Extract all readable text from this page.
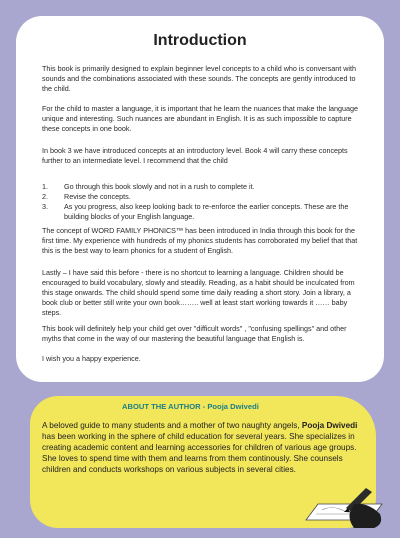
Introduction
This book is primarily designed to explain beginner level concepts to a child who is conversant with sounds and the combinations associated with these sounds. The concepts are gently introduced to the child.
For the child to master a language, it is important that he learn the nuances that make the language unique and interesting. Such nuances are abundant in English. It is as such impossible to capture these concepts in one book.
In book 3 we have introduced concepts at an introductory level. Book 4 will carry these concepts further to an intermediate level. I recommend that the child
1.	Go through this book slowly and not in a rush to complete it.
2.	Revise the concepts.
3.	As you progress, also keep looking back to re-enforce the earlier concepts. These are the building blocks of your English language.
The concept of WORD FAMILY PHONICS™ has been introduced in India through this book for the first time. My experience with hundreds of my phonics students has corroborated my belief that that this is the best way to learn phonics for a student of English.
Lastly – I have said this before - there is no shortcut to learning a language. Children should be encouraged to build vocabulary, slowly and steadily. Reading, as a habit should be inculcated from this stage onwards. The child should spend some time daily reading a short story. Join a library, a book club or better still write your own book…….. well at least start working towards it …… baby steps.
This book will definitely help your child get over "difficult words" , "confusing spellings" and other myths that come in the way of our mastering the beautiful language that English is.
I wish you a happy experience.
ABOUT THE AUTHOR - Pooja Dwivedi
A beloved guide to many students and a mother of two naughty angels, Pooja Dwivedi has been working in the sphere of child education for several years. She specializes in creating academic content and learning accessories for children of various age groups. She loves to spend time with them and learns from them continously. She counsels children and conducts workshops on various subjects in several cities.
